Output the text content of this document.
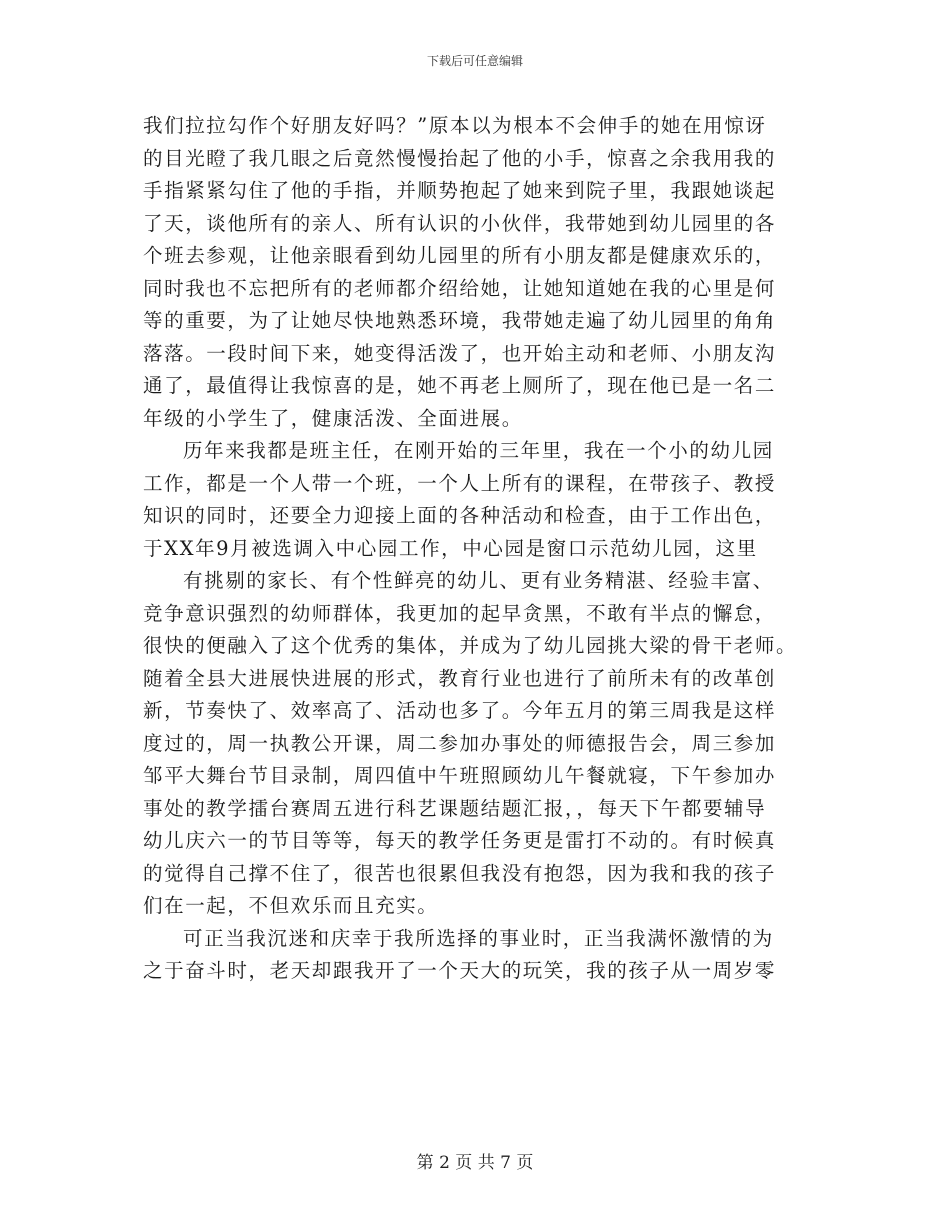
下载后可任意编辑
我们拉拉勾作个好朋友好吗？”原本以为根本不会伸手的她在用惊讶
的目光瞪了我几眼之后竟然慢慢抬起了他的小手，惊喜之余我用我的
手指紧紧勾住了他的手指，并顺势抱起了她来到院子里，我跟她谈起
了天，谈他所有的亲人、所有认识的小伙伴，我带她到幼儿园里的各
个班去参观，让他亲眼看到幼儿园里的所有小朋友都是健康欢乐的，
同时我也不忘把所有的老师都介绍给她，让她知道她在我的心里是何
等的重要，为了让她尽快地熟悉环境，我带她走遍了幼儿园里的角角
落落。一段时间下来，她变得活泼了，也开始主动和老师、小朋友沟
通了，最值得让我惊喜的是，她不再老上厕所了，现在他已是一名二
年级的小学生了，健康活泼、全面进展。
历年来我都是班主任，在刚开始的三年里，我在一个小的幼儿园
工作，都是一个人带一个班，一个人上所有的课程，在带孩子、教授
知识的同时，还要全力迎接上面的各种活动和检查，由于工作出色，
于XX年9月被选调入中心园工作，中心园是窗口示范幼儿园，这里
有挑剔的家长、有个性鲜亮的幼儿、更有业务精湛、经验丰富、
竞争意识强烈的幼师群体，我更加的起早贪黑，不敢有半点的懈怠，
很快的便融入了这个优秀的集体，并成为了幼儿园挑大梁的骨干老师。
随着全县大进展快进展的形式，教育行业也进行了前所未有的改革创
新，节奏快了、效率高了、活动也多了。今年五月的第三周我是这样
度过的，周一执教公开课，周二参加办事处的师德报告会，周三参加
邹平大舞台节目录制，周四值中午班照顾幼儿午餐就寝，下午参加办
事处的教学擂台赛周五进行科艺课题结题汇报，，每天下午都要辅导
幼儿庆六一的节目等等，每天的教学任务更是雷打不动的。有时候真
的觉得自己撑不住了，很苦也很累但我没有抱怨，因为我和我的孩子
们在一起，不但欢乐而且充实。
可正当我沉迷和庆幸于我所选择的事业时，正当我满怀激情的为
之于奋斗时，老天却跟我开了一个天大的玩笑，我的孩子从一周岁零
第 2 页 共 7 页
